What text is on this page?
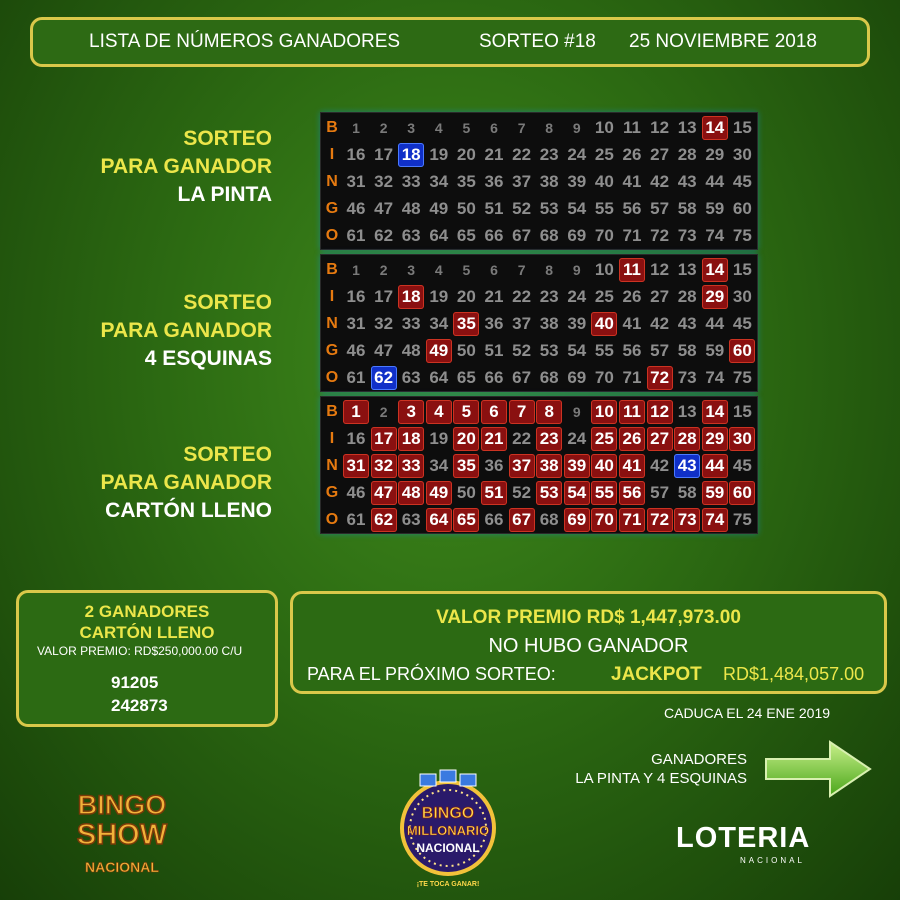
LISTA DE NÚMEROS GANADORES	SORTEO #18 25 NOVIEMBRE 2018
SORTEO
PARA GANADOR
LA PINTA
SORTEO
PARA GANADOR
4 ESQUINAS
SORTEO
PARA GANADOR
CARTÓN LLENO
B	1	2	3	4	5	6	7	8	9 10 11 12 13 14 15
I 16 17 18 19 20 21 22 23 24 25 26 27 28 29 30
N 31 32 33 34 35 36 37 38 39 40 41 42 43 44 45
G 46 47 48 49 50 51 52 53 54 55 56 57 58 59 60
O 61 62 63 64 65 66 67 68 69 70 71 72 73 74 75
B	1	2	3	4	5	6	7	8	9 10 11 12 13 14 15
I 16 17 18 19 20 21 22 23 24 25 26 27 28 29 30
N 31 32 33 34 35 36 37 38 39 40 41 42 43 44 45
G 46 47 48 49 50 51 52 53 54 55 56 57 58 59 60
O 61 62 63 64 65 66 67 68 69 70 71 72 73 74 75
B 1	2	3	4	5	6	7	8	9 10 11 12 13 14 15
I 16 17 18 19 20 21 22 23 24 25 26 27 28 29 30
N 31 32 33 34 35 36 37 38 39 40 41 42 43 44 45
G 46 47 48 49 50 51 52 53 54 55 56 57 58 59 60
O 61 62 63 64 65 66 67 68 69 70 71 72 73 74 75
2 GANADORES
CARTÓN LLENO
VALOR PREMIO: RD$250,000.00 C/U
91205
242873
VALOR PREMIO RD$ 1,447,973.00
NO HUBO GANADOR
PARA EL PRÓXIMO SORTEO:	JACKPOT RD$1,484,057.00
CADUCA EL 24 ENE 2019
GANADORES
LA PINTA Y 4 ESQUINAS
BINGO
SHOW
NACIONAL
BINGO
MILLONARIO
NACIONAL
¡TE TOCA GANAR!
LOTERIA
NACIONAL
